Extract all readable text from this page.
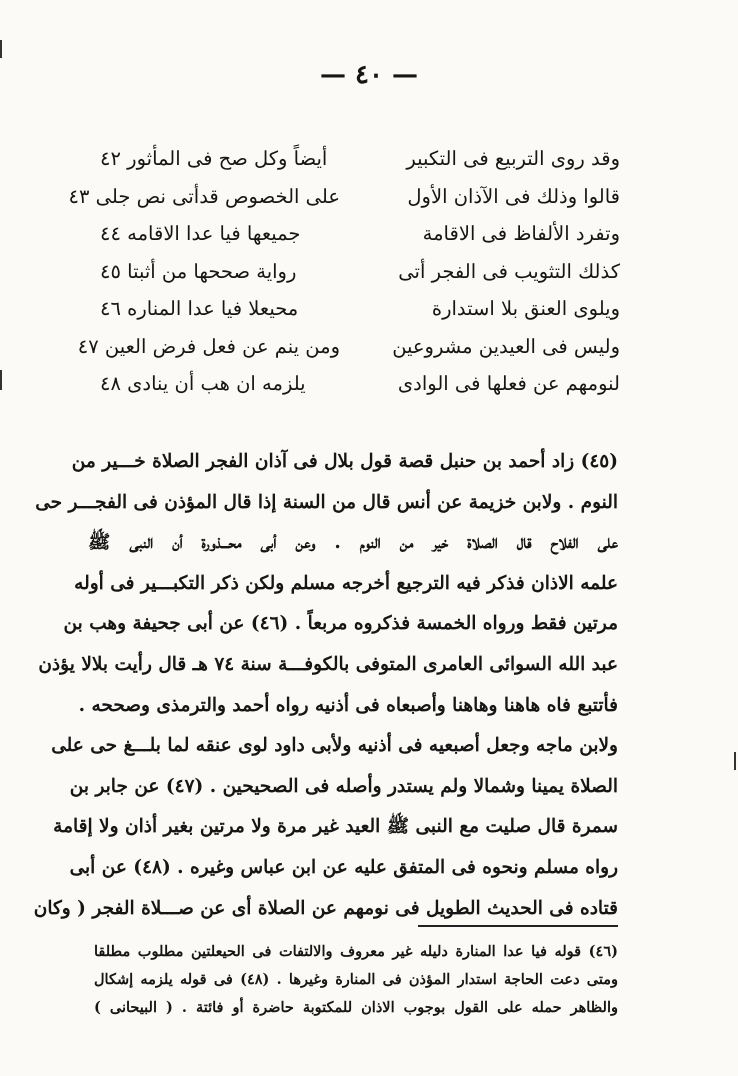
— ٤٠ —
وقد روى التربيع فى التكبير
أيضاً وكل صح فى المأثور ٤٢
قالوا وذلك فى الآذان الأول
على الخصوص قدأتى نص جلى ٤٣
وتفرد الألفاظ فى الاقامة
جميعها فيا عدا الاقامه ٤٤
كذلك التثويب فى الفجر أتى
رواية صححها من أثبتا ٤٥
ويلوى العنق بلا استدارة
محيعلا فيا عدا المناره ٤٦
وليس فى العيدين مشروعين
ومن ينم عن فعل فرض العين ٤٧
لنومهم عن فعلها فى الوادى
يلزمه ان هب أن ينادى ٤٨
(٤٥) زاد أحمد بن حنبل قصة قول بلال فى آذان الفجر الصلاة خـــير من
النوم . ولابن خزيمة عن أنس قال من السنة إذا قال المؤذن فى الفجـــر حى
على الفلاح قال الصلاة خير من النوم . وعن أبى محـــذورة أن النبى ﷺ
علمه الاذان فذكر فيه الترجيع أخرجه مسلم ولكن ذكر التكبـــير فى أوله
مرتين فقط ورواه الخمسة فذكروه مربعاً . (٤٦) عن أبى جحيفة وهب بن
عبد الله السوائى العامرى المتوفى بالكوفـــة سنة ٧٤ هـ قال رأيت بلالا يؤذن
فأتتبع فاه هاهنا وهاهنا وأصبعاه فى أذنيه رواه أحمد والترمذى وصححه .
ولابن ماجه وجعل أصبعيه فى أذنيه ولأبى داود لوى عنقه لما بلـــغ حى على
الصلاة يمينا وشمالا ولم يستدر وأصله فى الصحيحين . (٤٧) عن جابر بن
سمرة قال صليت مع النبى ﷺ العيد غير مرة ولا مرتين بغير أذان ولا إقامة
رواه مسلم ونحوه فى المتفق عليه عن ابن عباس وغيره . (٤٨) عن أبى
قتاده فى الحديث الطويل فى نومهم عن الصلاة أى عن صـــلاة الفجر ( وكان
(٤٦) قوله فيا عدا المنارة دليله غير معروف والالتفات فى الحيعلتين مطلوب مطلقا
ومتى دعت الحاجة استدار المؤذن فى المنارة وغيرها . (٤٨) فى قوله يلزمه إشكال
والظاهر حمله على القول بوجوب الاذان للمكتوبة حاضرة أو فائتة . ( البيحانى )
